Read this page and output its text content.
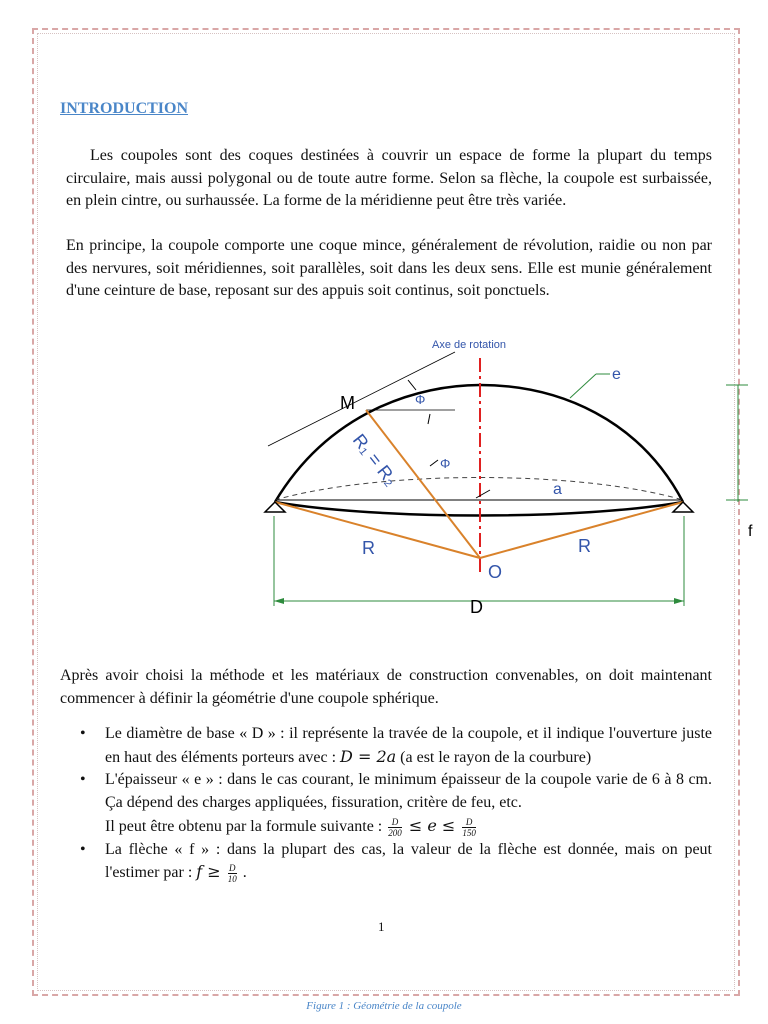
INTRODUCTION

Les coupoles sont des coques destinées à couvrir un espace de forme la plupart du temps circulaire, mais aussi polygonal ou de toute autre forme. Selon sa flèche, la coupole est surbaissée, en plein cintre, ou surhaussée. La forme de la méridienne peut être très variée.

En principe, la coupole comporte une coque mince, généralement de révolution, raidie ou non par des nervures, soit méridiennes, soit parallèles, soit dans les deux sens. Elle est munie généralement d'une ceinture de base, reposant sur des appuis soit continus, soit ponctuels.

Axe de rotation
M
e
Φ
Φ
R₁ = R₂
a
R	R
O
D
f

Après avoir choisi la méthode et les matériaux de construction convenables, on doit maintenant commencer à définir la géométrie d'une coupole sphérique.

• Le diamètre de base « D » : il représente la travée de la coupole, et il indique l'ouverture juste en haut des éléments porteurs avec : D = 2a (a est le rayon de la courbure)
• L'épaisseur « e » : dans le cas courant, le minimum épaisseur de la coupole varie de 6 à 8 cm. Ça dépend des charges appliquées, fissuration, critère de feu, etc.
Il peut être obtenu par la formule suivante : $\frac{D}{200} \le e \le \frac{D}{150}$
• La flèche « f » : dans la plupart des cas, la valeur de la flèche est donnée, mais on peut l'estimer par : $f \ge \frac{D}{10}$ .
1
Figure 1 : Géométrie de la coupole
